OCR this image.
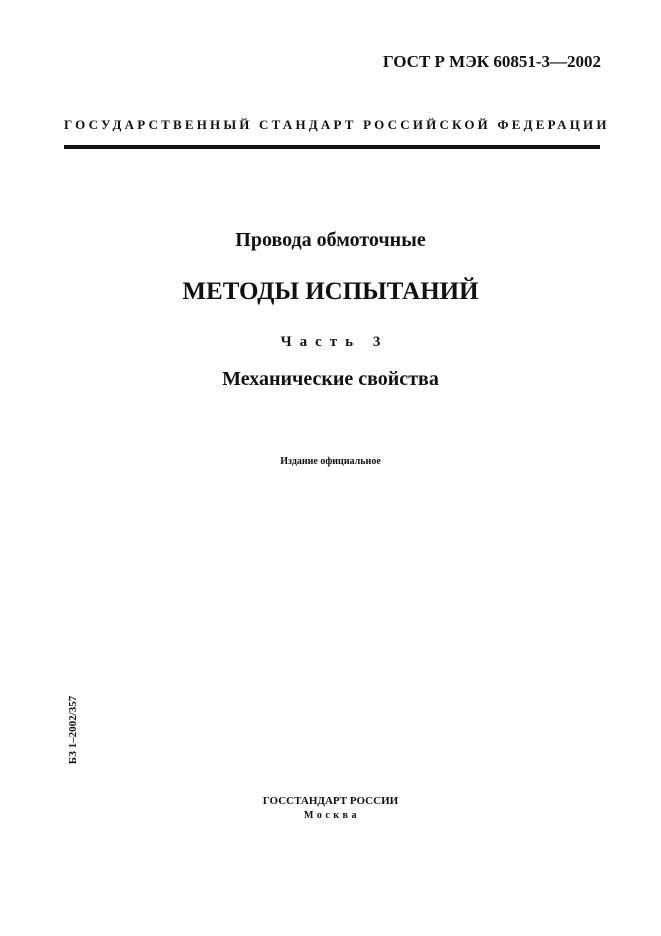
ГОСТ Р МЭК 60851-3—2002
ГОСУДАРСТВЕННЫЙ СТАНДАРТ РОССИЙСКОЙ ФЕДЕРАЦИИ
Провода обмоточные
МЕТОДЫ ИСПЫТАНИЙ
Часть 3
Механические свойства
Издание официальное
БЗ 1–2002/357
ГОССТАНДАРТ РОССИИ
Москва
